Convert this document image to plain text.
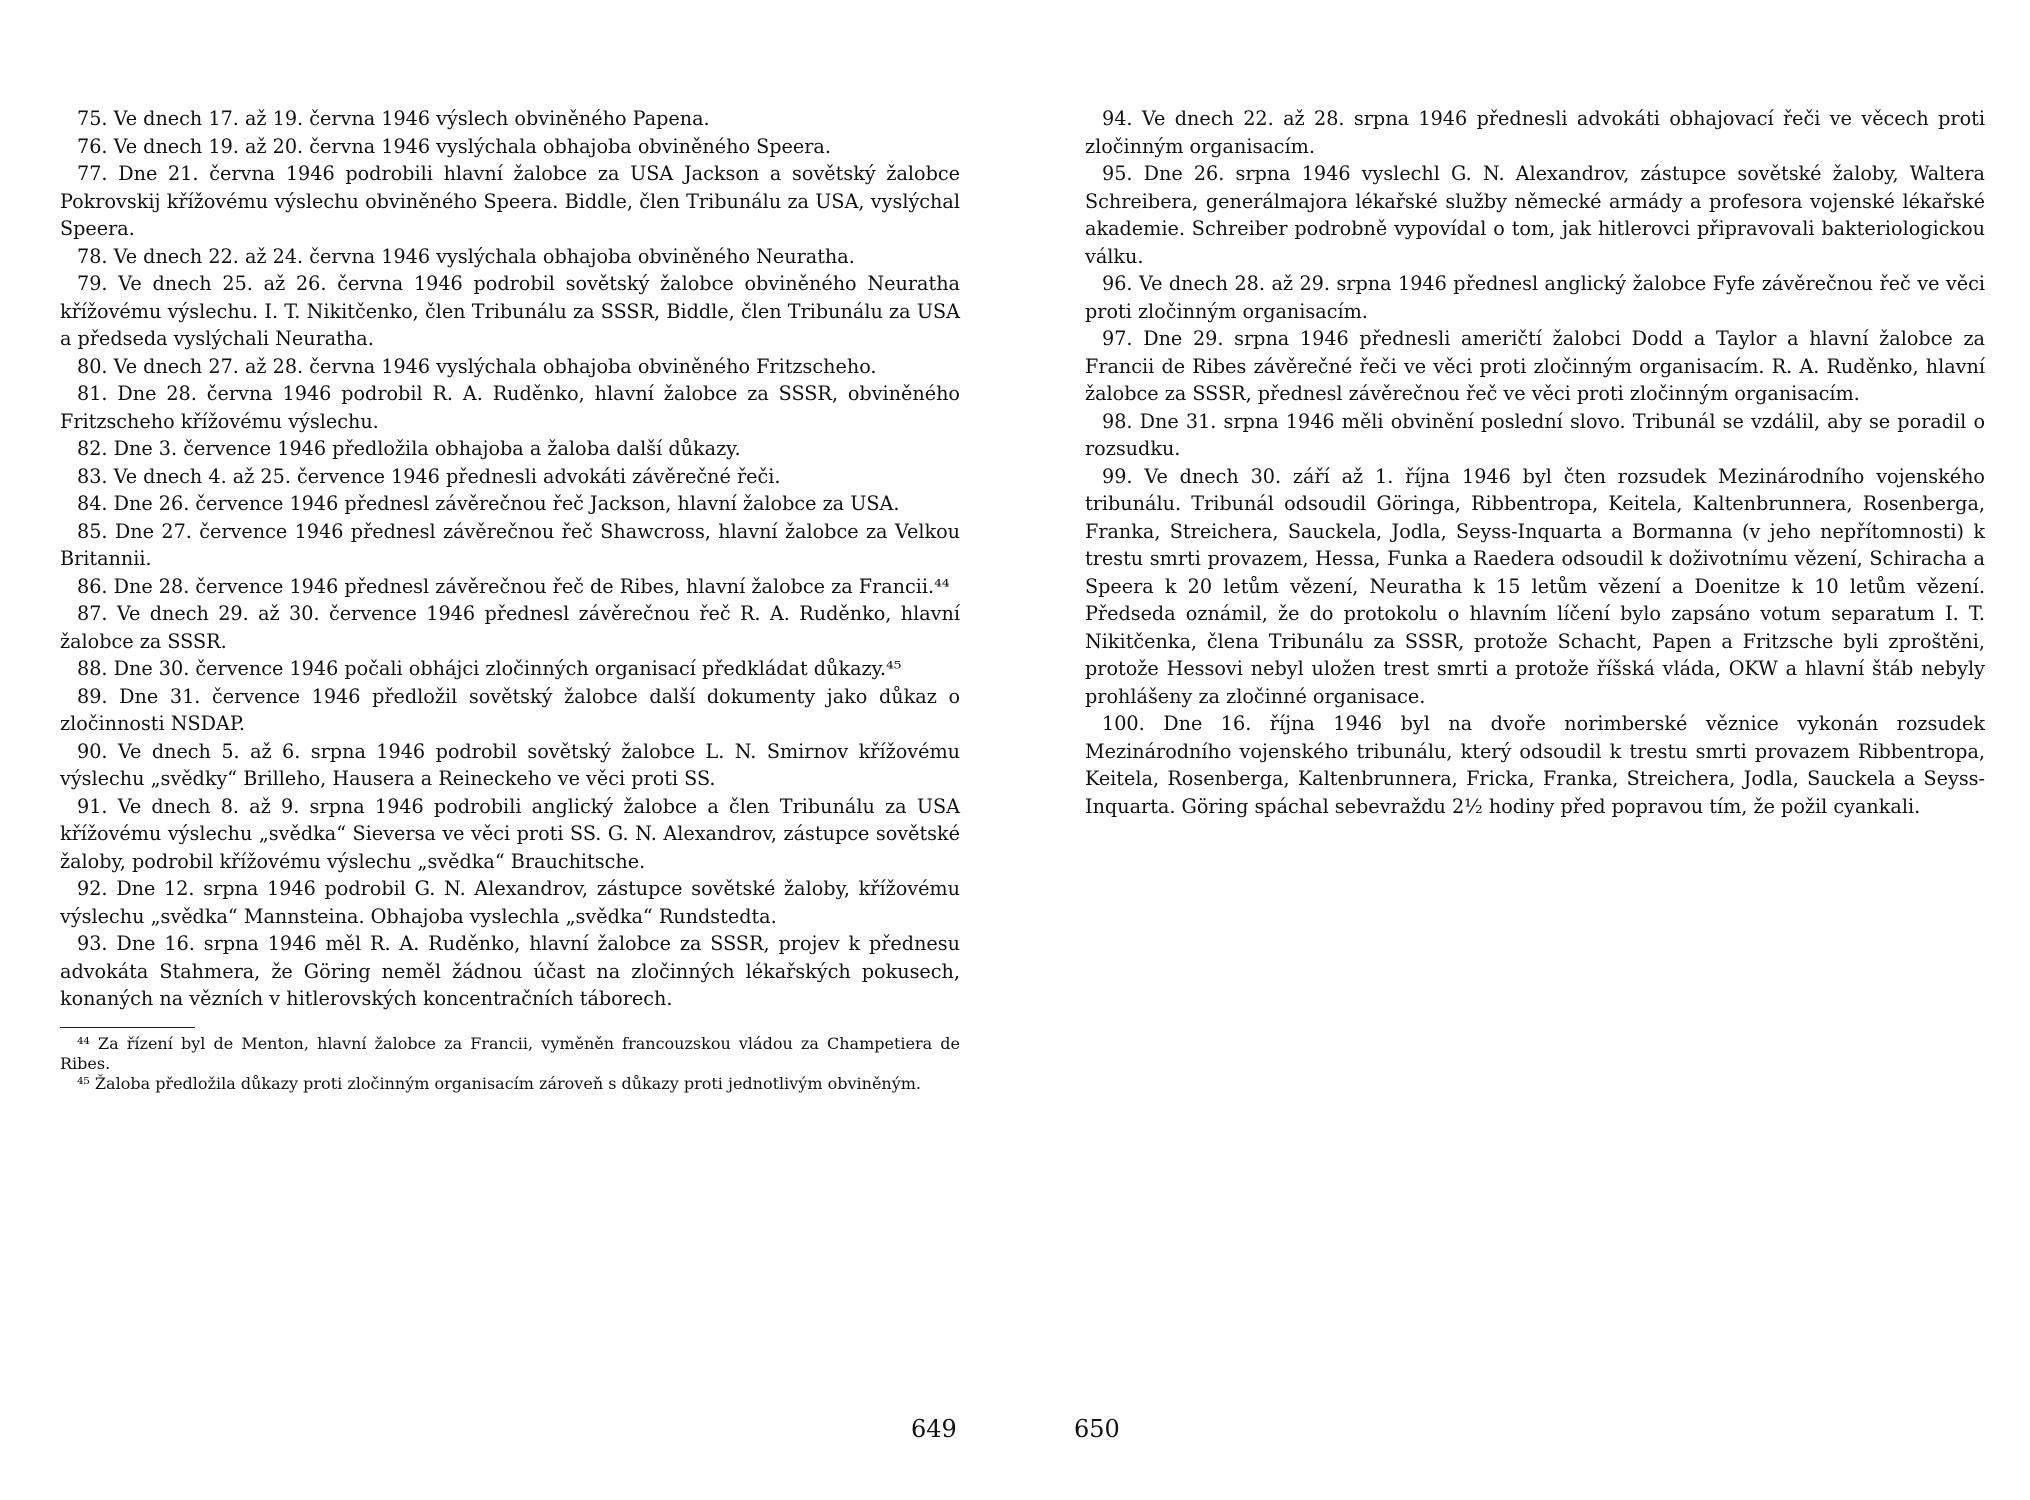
75. Ve dnech 17. až 19. června 1946 výslech obviněného Papena.

76. Ve dnech 19. až 20. června 1946 vyslýchala obhajoba obviněného Speera.

77. Dne 21. června 1946 podrobili hlavní žalobce za USA Jackson a sovětský žalobce Pokrovskij křížovému výslechu obviněného Speera. Biddle, člen Tribunálu za USA, vyslýchal Speera.

78. Ve dnech 22. až 24. června 1946 vyslýchala obhajoba obviněného Neuratha.

79. Ve dnech 25. až 26. června 1946 podrobil sovětský žalobce obviněného Neuratha křížovému výslechu. I. T. Nikitčenko, člen Tribunálu za SSSR, Biddle, člen Tribunálu za USA a předseda vyslýchali Neuratha.

80. Ve dnech 27. až 28. června 1946 vyslýchala obhajoba obviněného Fritzscheho.

81. Dne 28. června 1946 podrobil R. A. Ruděnko, hlavní žalobce za SSSR, obviněného Fritzscheho křížovému výslechu.

82. Dne 3. července 1946 předložila obhajoba a žaloba další důkazy.

83. Ve dnech 4. až 25. července 1946 přednesli advokáti závěrečné řeči.

84. Dne 26. července 1946 přednesl závěrečnou řeč Jackson, hlavní žalobce za USA.

85. Dne 27. července 1946 přednesl závěrečnou řeč Shawcross, hlavní žalobce za Velkou Britannii.

86. Dne 28. července 1946 přednesl závěrečnou řeč de Ribes, hlavní žalobce za Francii.⁴⁴

87. Ve dnech 29. až 30. července 1946 přednesl závěrečnou řeč R. A. Ruděnko, hlavní žalobce za SSSR.

88. Dne 30. července 1946 počali obhájci zločinných organisací předkládat důkazy.⁴⁵

89. Dne 31. července 1946 předložil sovětský žalobce další dokumenty jako důkaz o zločinnosti NSDAP.

90. Ve dnech 5. až 6. srpna 1946 podrobil sovětský žalobce L. N. Smirnov křížovému výslechu „svědky“ Brilleho, Hausera a Reineckeho ve věci proti SS.

91. Ve dnech 8. až 9. srpna 1946 podrobili anglický žalobce a člen Tribunálu za USA křížovému výslechu „svědka“ Sieversa ve věci proti SS. G. N. Alexandrov, zástupce sovětské žaloby, podrobil křížovému výslechu „svědka“ Brauchitsche.

92. Dne 12. srpna 1946 podrobil G. N. Alexandrov, zástupce sovětské žaloby, křížovému výslechu „svědka“ Mannsteina. Obhajoba vyslechla „svědka“ Rundstedta.

93. Dne 16. srpna 1946 měl R. A. Ruděnko, hlavní žalobce za SSSR, projev k přednesu advokáta Stahmera, že Göring neměl žádnou účast na zločinných lékařských pokusech, konaných na vězních v hitlerovských koncentračních táborech.

⁴⁴ Za řízení byl de Menton, hlavní žalobce za Francii, vyměněn francouzskou vládou za Champetiera de Ribes.

⁴⁵ Žaloba předložila důkazy proti zločinným organisacím zároveň s důkazy proti jednotlivým obviněným.

94. Ve dnech 22. až 28. srpna 1946 přednesli advokáti obhajovací řeči ve věcech proti zločinným organisacím.

95. Dne 26. srpna 1946 vyslechl G. N. Alexandrov, zástupce sovětské žaloby, Waltera Schreibera, generálmajora lékařské služby německé armády a profesora vojenské lékařské akademie. Schreiber podrobně vypovídal o tom, jak hitlerovci připravovali bakteriologickou válku.

96. Ve dnech 28. až 29. srpna 1946 přednesl anglický žalobce Fyfe závěrečnou řeč ve věci proti zločinným organisacím.

97. Dne 29. srpna 1946 přednesli američtí žalobci Dodd a Taylor a hlavní žalobce za Francii de Ribes závěrečné řeči ve věci proti zločinným organisacím. R. A. Ruděnko, hlavní žalobce za SSSR, přednesl závěrečnou řeč ve věci proti zločinným organisacím.

98. Dne 31. srpna 1946 měli obvinění poslední slovo. Tribunál se vzdálil, aby se poradil o rozsudku.

99. Ve dnech 30. září až 1. října 1946 byl čten rozsudek Mezinárodního vojenského tribunálu. Tribunál odsoudil Göringa, Ribbentropa, Keitela, Kaltenbrunnera, Rosenberga, Franka, Streichera, Sauckela, Jodla, Seyss-Inquarta a Bormanna (v jeho nepřítomnosti) k trestu smrti provazem, Hessa, Funka a Raedera odsoudil k doživotnímu vězení, Schiracha a Speera k 20 letům vězení, Neuratha k 15 letům vězení a Doenitze k 10 letům vězení. Předseda oznámil, že do protokolu o hlavním líčení bylo zapsáno votum separatum I. T. Nikitčenka, člena Tribunálu za SSSR, protože Schacht, Papen a Fritzsche byli zproštěni, protože Hessovi nebyl uložen trest smrti a protože říšská vláda, OKW a hlavní štáb nebyly prohlášeny za zločinné organisace.

100. Dne 16. října 1946 byl na dvoře norimberské věznice vykonán rozsudek Mezinárodního vojenského tribunálu, který odsoudil k trestu smrti provazem Ribbentropa, Keitela, Rosenberga, Kaltenbrunnera, Fricka, Franka, Streichera, Jodla, Sauckela a Seyss-Inquarta. Göring spáchal sebevraždu 2½ hodiny před popravou tím, že požil cyankali.

649	650
